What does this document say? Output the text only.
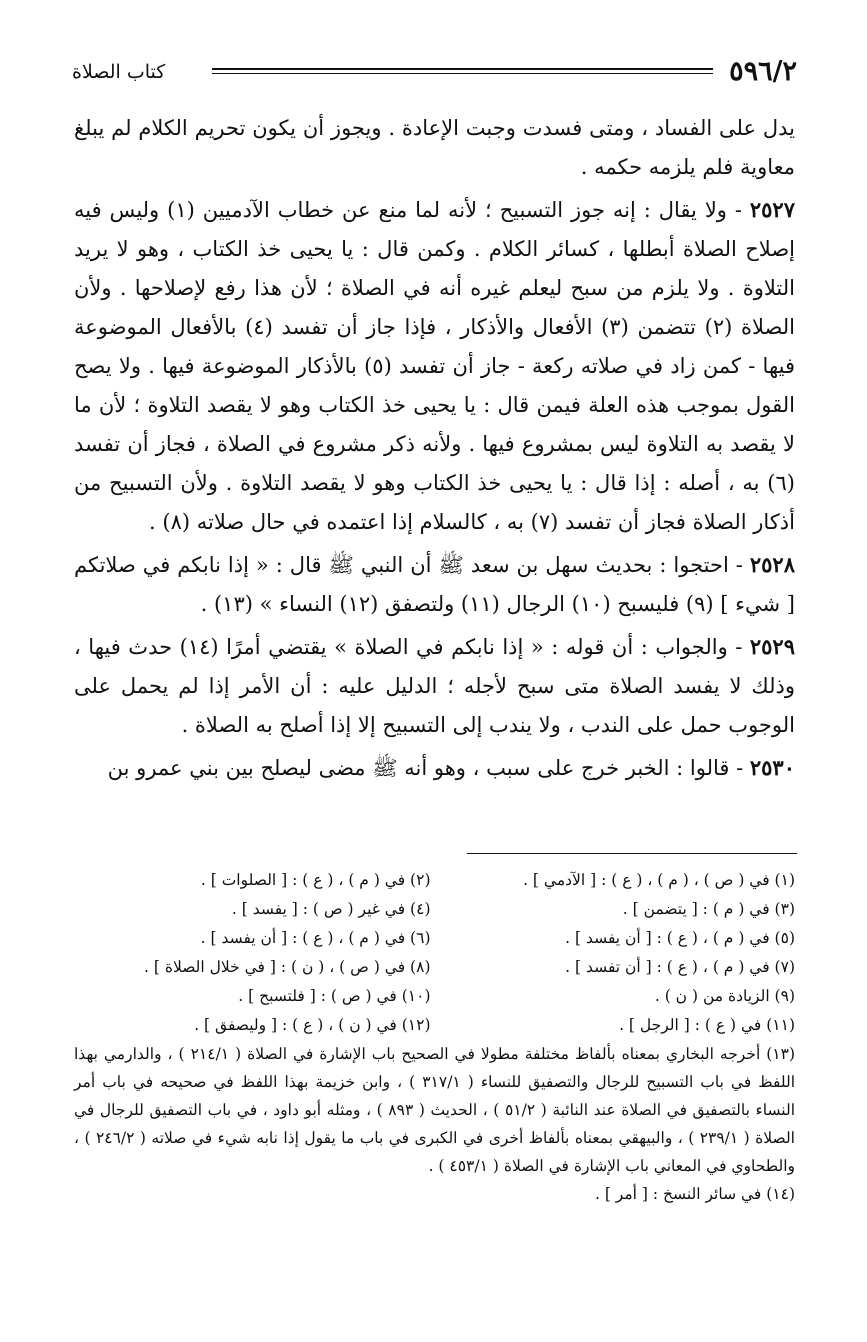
٥٩٦/٢
كتاب الصلاة

يدل على الفساد ، ومتى فسدت وجبت الإعادة . ويجوز أن يكون تحريم الكلام لم يبلغ معاوية فلم يلزمه حكمه .

٢٥٢٧ - ولا يقال : إنه جوز التسبيح ؛ لأنه لما منع عن خطاب الآدميين (١) وليس فيه إصلاح الصلاة أبطلها ، كسائر الكلام . وكمن قال : يا يحيى خذ الكتاب ، وهو لا يريد التلاوة . ولا يلزم من سبح ليعلم غيره أنه في الصلاة ؛ لأن هذا رفع لإصلاحها . ولأن الصلاة (٢) تتضمن (٣) الأفعال والأذكار ، فإذا جاز أن تفسد (٤) بالأفعال الموضوعة فيها - كمن زاد في صلاته ركعة - جاز أن تفسد (٥) بالأذكار الموضوعة فيها . ولا يصح القول بموجب هذه العلة فيمن قال : يا يحيى خذ الكتاب وهو لا يقصد التلاوة ؛ لأن ما لا يقصد به التلاوة ليس بمشروع فيها . ولأنه ذكر مشروع في الصلاة ، فجاز أن تفسد (٦) به ، أصله : إذا قال : يا يحيى خذ الكتاب وهو لا يقصد التلاوة . ولأن التسبيح من أذكار الصلاة فجاز أن تفسد (٧) به ، كالسلام إذا اعتمده في حال صلاته (٨) .

٢٥٢٨ - احتجوا : بحديث سهل بن سعد ﷺ أن النبي ﷺ قال : « إذا نابكم في صلاتكم [ شيء ] (٩) فليسبح (١٠) الرجال (١١) ولتصفق (١٢) النساء » (١٣) .

٢٥٢٩ - والجواب : أن قوله : « إذا نابكم في الصلاة » يقتضي أمرًا (١٤) حدث فيها ، وذلك لا يفسد الصلاة متى سبح لأجله ؛ الدليل عليه : أن الأمر إذا لم يحمل على الوجوب حمل على الندب ، ولا يندب إلى التسبيح إلا إذا أصلح به الصلاة .

٢٥٣٠ - قالوا : الخبر خرج على سبب ، وهو أنه ﷺ مضى ليصلح بين بني عمرو بن

(١) في ( ص ) ، ( م ) ، ( ع ) : [ الآدمي ] .
(٢) في ( م ) ، ( ع ) : [ الصلوات ] .
(٣) في ( م ) : [ يتضمن ] .
(٤) في غير ( ص ) : [ يفسد ] .
(٥) في ( م ) ، ( ع ) : [ أن يفسد ] .
(٦) في ( م ) ، ( ع ) : [ أن يفسد ] .
(٧) في ( م ) ، ( ع ) : [ أن تفسد ] .
(٨) في ( ص ) ، ( ن ) : [ في خلال الصلاة ] .
(٩) الزيادة من ( ن ) .
(١٠) في ( ص ) : [ فلتسبح ] .
(١١) في ( ع ) : [ الرجل ] .
(١٢) في ( ن ) ، ( ع ) : [ وليصفق ] .

(١٣) أخرجه البخاري بمعناه بألفاظ مختلفة مطولا في الصحيح باب الإشارة في الصلاة ( ٢١٤/١ ) ، والدارمي بهذا اللفظ في باب التسبيح للرجال والتصفيق للنساء ( ٣١٧/١ ) ، وابن خزيمة بهذا اللفظ في صحيحه في باب أمر النساء بالتصفيق في الصلاة عند النائبة ( ٥١/٢ ) ، الحديث ( ٨٩٣ ) ، ومثله أبو داود ، في باب التصفيق للرجال في الصلاة ( ٢٣٩/١ ) ، والبيهقي بمعناه بألفاظ أخرى في الكبرى في باب ما يقول إذا نابه شيء في صلاته ( ٢٤٦/٢ ) ، والطحاوي في المعاني باب الإشارة في الصلاة ( ٤٥٣/١ ) .

(١٤) في سائر النسخ : [ أمر ] .
